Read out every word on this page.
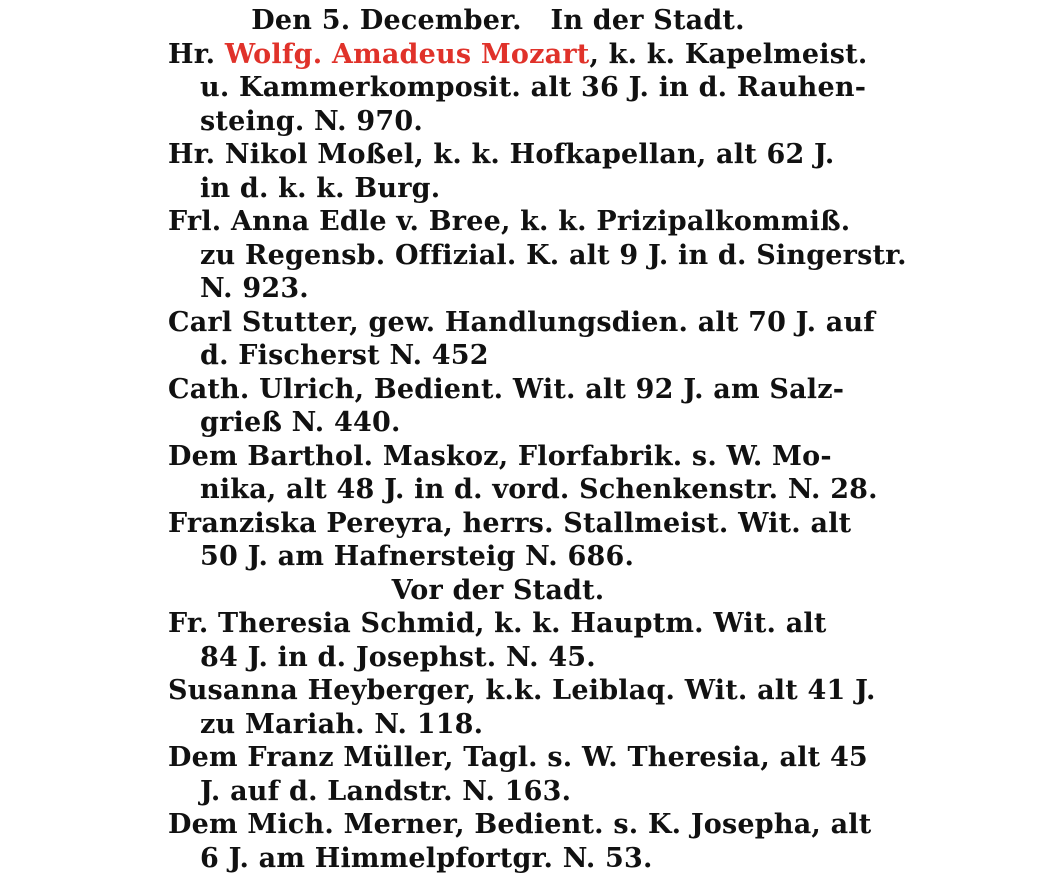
Den 5. December. In der Stadt.
Hr. Wolfg. Amadeus Mozart, k. k. Kapelmeist.
u. Kammerkomposit. alt 36 J. in d. Rauhen-
steing. N. 970.
Hr. Nikol Moßel, k. k. Hofkapellan, alt 62 J.
in d. k. k. Burg.
Frl. Anna Edle v. Bree, k. k. Prizipalkommiß.
zu Regensb. Offizial. K. alt 9 J. in d. Singerstr.
N. 923.
Carl Stutter, gew. Handlungsdien. alt 70 J. auf
d. Fischerst N. 452
Cath. Ulrich, Bedient. Wit. alt 92 J. am Salz-
grieß N. 440.
Dem Barthol. Maskoz, Florfabrik. s. W. Mo-
nika, alt 48 J. in d. vord. Schenkenstr. N. 28.
Franziska Pereyra, herrs. Stallmeist. Wit. alt
50 J. am Hafnersteig N. 686.
Vor der Stadt.
Fr. Theresia Schmid, k. k. Hauptm. Wit. alt
84 J. in d. Josephst. N. 45.
Susanna Heyberger, k.k. Leiblaq. Wit. alt 41 J.
zu Mariah. N. 118.
Dem Franz Müller, Tagl. s. W. Theresia, alt 45
J. auf d. Landstr. N. 163.
Dem Mich. Merner, Bedient. s. K. Josepha, alt
6 J. am Himmelpfortgr. N. 53.
